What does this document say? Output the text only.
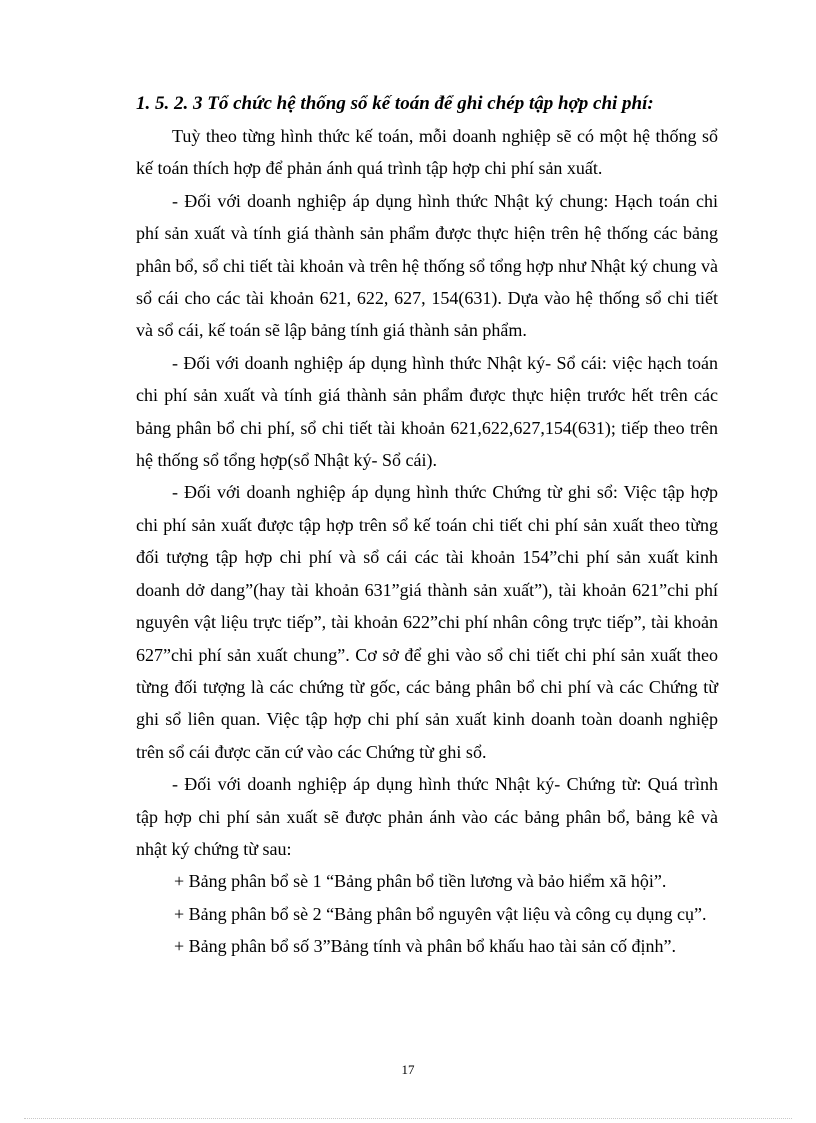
1. 5. 2. 3 Tổ chức hệ thống sổ kế toán để ghi chép tập hợp chi phí:

Tuỳ theo từng hình thức kế toán, mỗi doanh nghiệp sẽ có một hệ thống sổ kế toán thích hợp để phản ánh quá trình tập hợp chi phí sản xuất.

- Đối với doanh nghiệp áp dụng hình thức Nhật ký chung: Hạch toán chi phí sản xuất và tính giá thành sản phẩm được thực hiện trên hệ thống các bảng phân bổ, sổ chi tiết tài khoản và trên hệ thống sổ tổng hợp như Nhật ký chung và sổ cái cho các tài khoản 621, 622, 627, 154(631). Dựa vào hệ thống sổ chi tiết và sổ cái, kế toán sẽ lập bảng tính giá thành sản phẩm.

- Đối với doanh nghiệp áp dụng hình thức Nhật ký- Sổ cái: việc hạch toán chi phí sản xuất và tính giá thành sản phẩm được thực hiện trước hết trên các bảng phân bổ chi phí, sổ chi tiết tài khoản 621,622,627,154(631); tiếp theo trên hệ thống sổ tổng hợp(sổ Nhật ký- Sổ cái).

- Đối với doanh nghiệp áp dụng hình thức Chứng từ ghi sổ: Việc tập hợp chi phí sản xuất được tập hợp trên sổ kế toán chi tiết chi phí sản xuất theo từng đối tượng tập hợp chi phí và sổ cái các tài khoản 154”chi phí sản xuất kinh doanh dở dang”(hay tài khoản 631”giá thành sản xuất”), tài khoản 621”chi phí nguyên vật liệu trực tiếp”, tài khoản 622”chi phí nhân công trực tiếp”, tài khoản 627”chi phí sản xuất chung”. Cơ sở để ghi vào sổ chi tiết chi phí sản xuất theo từng đối tượng là các chứng từ gốc, các bảng phân bổ chi phí và các Chứng từ ghi sổ liên quan. Việc tập hợp chi phí sản xuất kinh doanh toàn doanh nghiệp trên sổ cái được căn cứ vào các Chứng từ ghi sổ.

- Đối với doanh nghiệp áp dụng hình thức Nhật ký- Chứng từ: Quá trình tập hợp chi phí sản xuất sẽ được phản ánh vào các bảng phân bổ, bảng kê và nhật ký chứng từ sau:

+ Bảng phân bổ sè 1 “Bảng phân bổ tiền lương và bảo hiểm xã hội”.

+ Bảng phân bổ sè 2 “Bảng phân bổ nguyên vật liệu và công cụ dụng cụ”.

+ Bảng phân bổ số 3”Bảng tính và phân bổ khấu hao tài sản cố định”.

17
